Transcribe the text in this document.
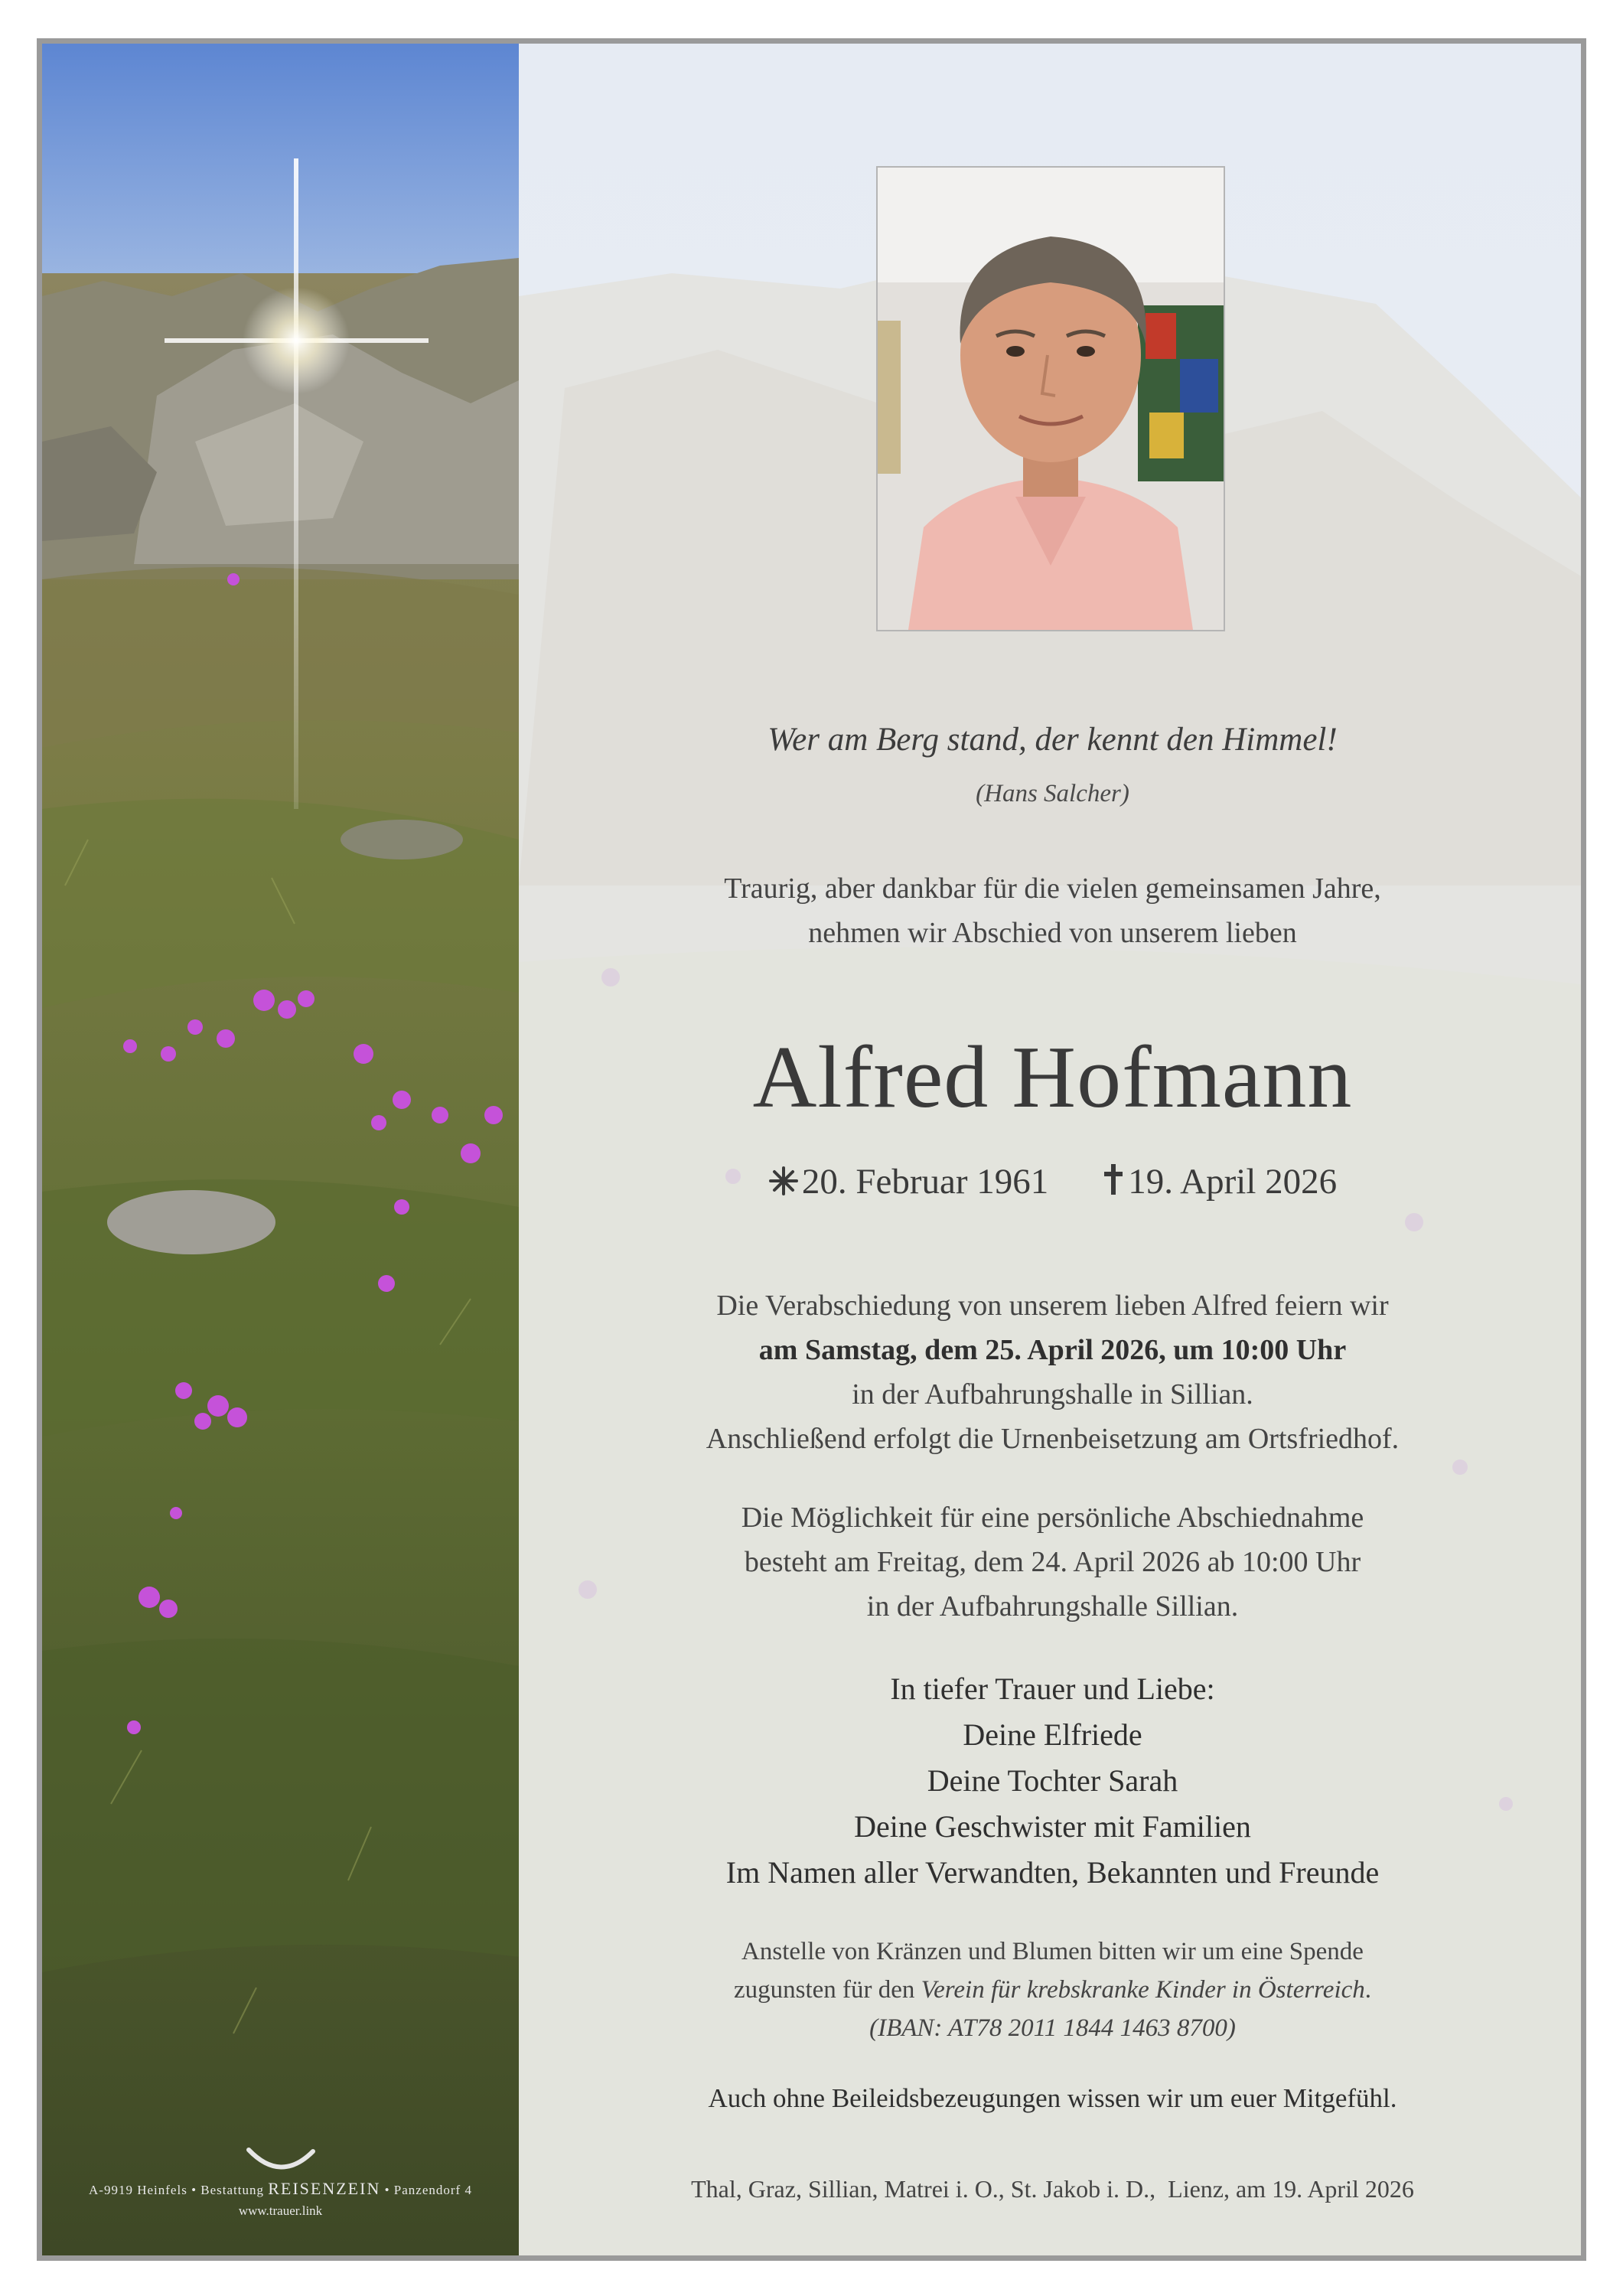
A-9919 Heinfels • Bestattung REISENZEIN • Panzendorf 4
www.trauer.link
Wer am Berg stand, der kennt den Himmel!
(Hans Salcher)
Traurig, aber dankbar für die vielen gemeinsamen Jahre,
nehmen wir Abschied von unserem lieben
Alfred Hofmann
20. Februar 1961 19. April 2026
Die Verabschiedung von unserem lieben Alfred feiern wir
am Samstag, dem 25. April 2026, um 10:00 Uhr
in der Aufbahrungshalle in Sillian.
Anschließend erfolgt die Urnenbeisetzung am Ortsfriedhof.
Die Möglichkeit für eine persönliche Abschiednahme
besteht am Freitag, dem 24. April 2026 ab 10:00 Uhr
in der Aufbahrungshalle Sillian.
In tiefer Trauer und Liebe:
Deine Elfriede
Deine Tochter Sarah
Deine Geschwister mit Familien
Im Namen aller Verwandten, Bekannten und Freunde
Anstelle von Kränzen und Blumen bitten wir um eine Spende
zugunsten für den Verein für krebskranke Kinder in Österreich.
(IBAN: AT78 2011 1844 1463 8700)
Auch ohne Beileidsbezeugungen wissen wir um euer Mitgefühl.
Thal, Graz, Sillian, Matrei i. O., St. Jakob i. D.,  Lienz, am 19. April 2026
